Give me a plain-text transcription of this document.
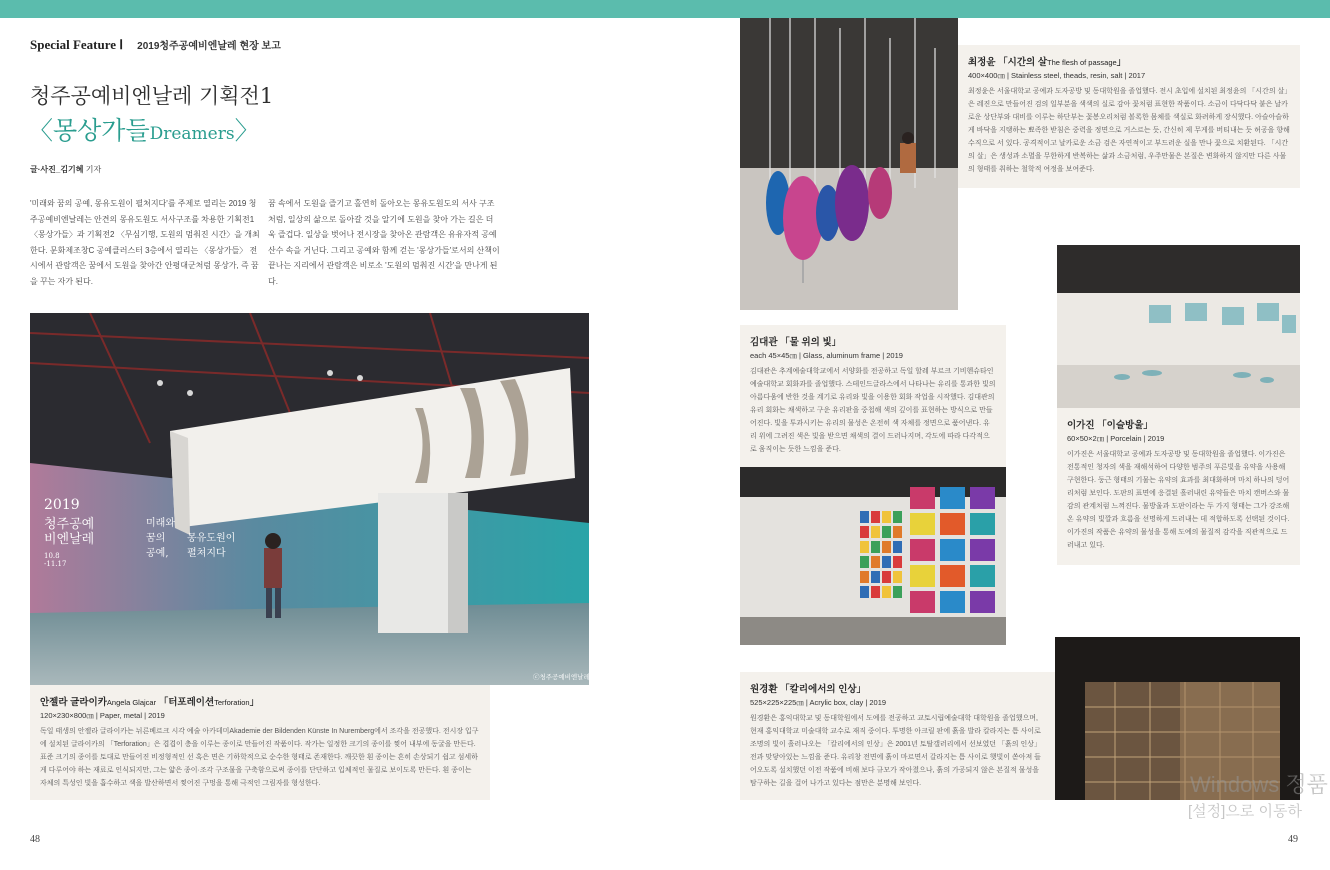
Special Feature Ⅰ 2019청주공예비엔날레 현장 보고
청주공예비엔날레 기획전1
〈몽상가들Dreamers〉
글·사진_김기혜 기자
'미래와 꿈의 공예, 몽유도원이 펼쳐지다'를 주제로 열리는 2019 청주공예비엔날레는 안견의 몽유도원도 서사구조를 차용한 기획전1 〈몽상가들〉과 기획전2 〈무심기행, 도원의 멈춰진 시간〉을 개최한다. 문화제조창C 공예클러스터 3층에서 열리는 〈몽상가들〉 전시에서 관람객은 꿈에서 도원을 찾아간 안평대군처럼 몽상가, 즉 꿈을 꾸는 자가 된다.
꿈 속에서 도원을 즐기고 홀연히 돌아오는 몽유도원도의 서사 구조처럼, 일상의 삶으로 돌아갈 것을 알기에 도원을 찾아 가는 길은 더욱 즐겁다. 일상을 벗어나 전시장을 찾아온 관람객은 유유자적 공예 산수 속을 거닌다. 그리고 공예와 함께 걷는 '몽상가들'로서의 산책이 끝나는 지리에서 관람객은 비로소 '도원의 멈춰진 시간'을 만나게 된다.
2019
청주공예
비엔날레
10.8
-11.17
미래와
꿈의
공예,
몽유도원이
펼쳐지다
ⓒ청주공예비엔날레
안젤라 글라이카Angela Glajcar 「터포레이션Terforation」
120×230×800㎝ | Paper, metal | 2019
독일 태생의 안젤라 글라이카는 뉘른베르크 시각 예술 아카데미Akademie der Bildenden Künste In Nuremberg에서 조각을 전공했다. 전시장 입구에 설치된 글라이카의 「Terforation」은 겹겹이 층을 이루는 종이로 만들어진 작품이다. 작가는 일정한 크기의 종이를 찢어 내부에 동굴을 만든다. 표준 크기의 종이를 토대로 만들어진 비정형적인 선 혹은 면은 기하학적으로 순수한 형태로 존재한다. 깨끗한 흰 종이는 흔히 손상되기 쉽고 섬세하게 다루어야 하는 재료로 인식되지만, 그는 얇은 종이·조각 구조물을 구축함으로써 종이를 단단하고 입체적인 물질로 보이도록 만든다. 흰 종이는 자체의 특성인 빛을 흡수하고 색을 발산하면서 찢어진 구멍을 통해 극적인 그림자를 형성한다.
최정윤 「시간의 살The flesh of passage」
400×400㎝ | Stainless steel, theads, resin, salt | 2017
최정윤은 서울대학교 공예과 도자공방 및 동대학원을 졸업했다. 전시 초입에 설치된 최정윤의 「시간의 살」은 레진으로 만들어진 검의 일부분을 색색의 실로 감아 꽃처럼 표현한 작품이다. 소금이 다닥다닥 붙은 날카로운 상단부와 대비를 이루는 하단부는 꽃봉오리처럼 볼록한 몸체를 색실로 화려하게 장식했다. 아슬아슬하게 바닥을 지탱하는 뾰족한 받침은 중력을 정면으로 거스르는 듯, 간신히 제 무게를 버티내는 듯 허공을 향해 수직으로 서 있다. 공격적이고 날카로운 소금 검은 자연적이고 부드러운 실을 만나 꽃으로 치환된다. 「시간의 살」은 생성과 소멸을 무한하게 반복하는 삶과 소금처럼, 우주만물은 본질은 변화하지 않지만 다른 사물의 형태를 취하는 철학적 여정을 보여준다.
김대관 「물 위의 빛」
each 45×45㎝ | Glass, aluminum frame | 2019
김대관은 추계예술대학교에서 서양화를 전공하고 독일 할레 부르크 기비헨슈타인 예술대학교 회화과를 졸업했다. 스테인드글라스에서 나타나는 유리를 통과한 빛의 아름다움에 반한 것을 계기로 유리와 빛을 이용한 회화 작업을 시작했다. 김대관의 유리 회화는 채색하고 구운 유리판을 중첩해 색의 깊이를 표현하는 방식으로 만들어진다. 빛을 투과시키는 유리의 물성은 온전히 색 자체를 정면으로 품어낸다. 유리 위에 그려진 색은 빛을 받으면 채색의 결이 드러나지며, 각도에 따라 다각적으로 움직이는 듯한 느낌을 준다.
이가진 「이슬방울」
60×50×2㎝ | Porcelain | 2019
이가진은 서울대학교 공예과 도자공방 및 동대학원을 졸업했다. 이가진은 전통적인 청자의 색을 재해석하여 다양한 범주의 푸른빛을 유약을 사용해 구현한다. 둥근 형태의 기물는 유약의 효과를 최대화하며 마치 하나의 덩어리처럼 보인다. 도판의 표면에 응결된 흘러내린 유약들은 마치 캔버스와 물감의 관계처럼 느껴진다. 물방울과 도판이라는 두 가지 형태는 그가 강조해온 유약의 빛깔과 흐름을 선명하게 드러내는 데 적합하도록 선택된 것이다. 이가진의 작품은 유약의 물성을 통해 도예의 물질적 감각을 직관적으로 드러내고 있다.
원경환 「칼리에서의 인상」
525×225×225㎝ | Acrylic box, clay | 2019
원경환은 홍익대학교 및 동대학원에서 도예를 전공하고 교토시립예술대학 대학원을 졸업했으며, 현재 홍익대학교 미술대학 교수로 재직 중이다. 투명한 아크릴 판에 흙을 발라 칼라지는 틈 사이로 조명의 빛이 흘러나오는 「칼리에서의 인상」은 2001년 토탈갤러리에서 선보였던 「흙의 인상」전과 맞닿아있는 느낌을 준다. 유리창 전면에 흙이 마르면서 갈라지는 틈 사이로 햇빛이 쏟아져 들어오도록 설치했던 이전 작품에 비해 보다 규모가 작아졌으나, 흙의 가공되지 않은 본질적 물성을 탐구하는 길을 걸어 나가고 있다는 점만은 분명해 보인다.
48	49
Windows 정품
[설정]으로 이동하
